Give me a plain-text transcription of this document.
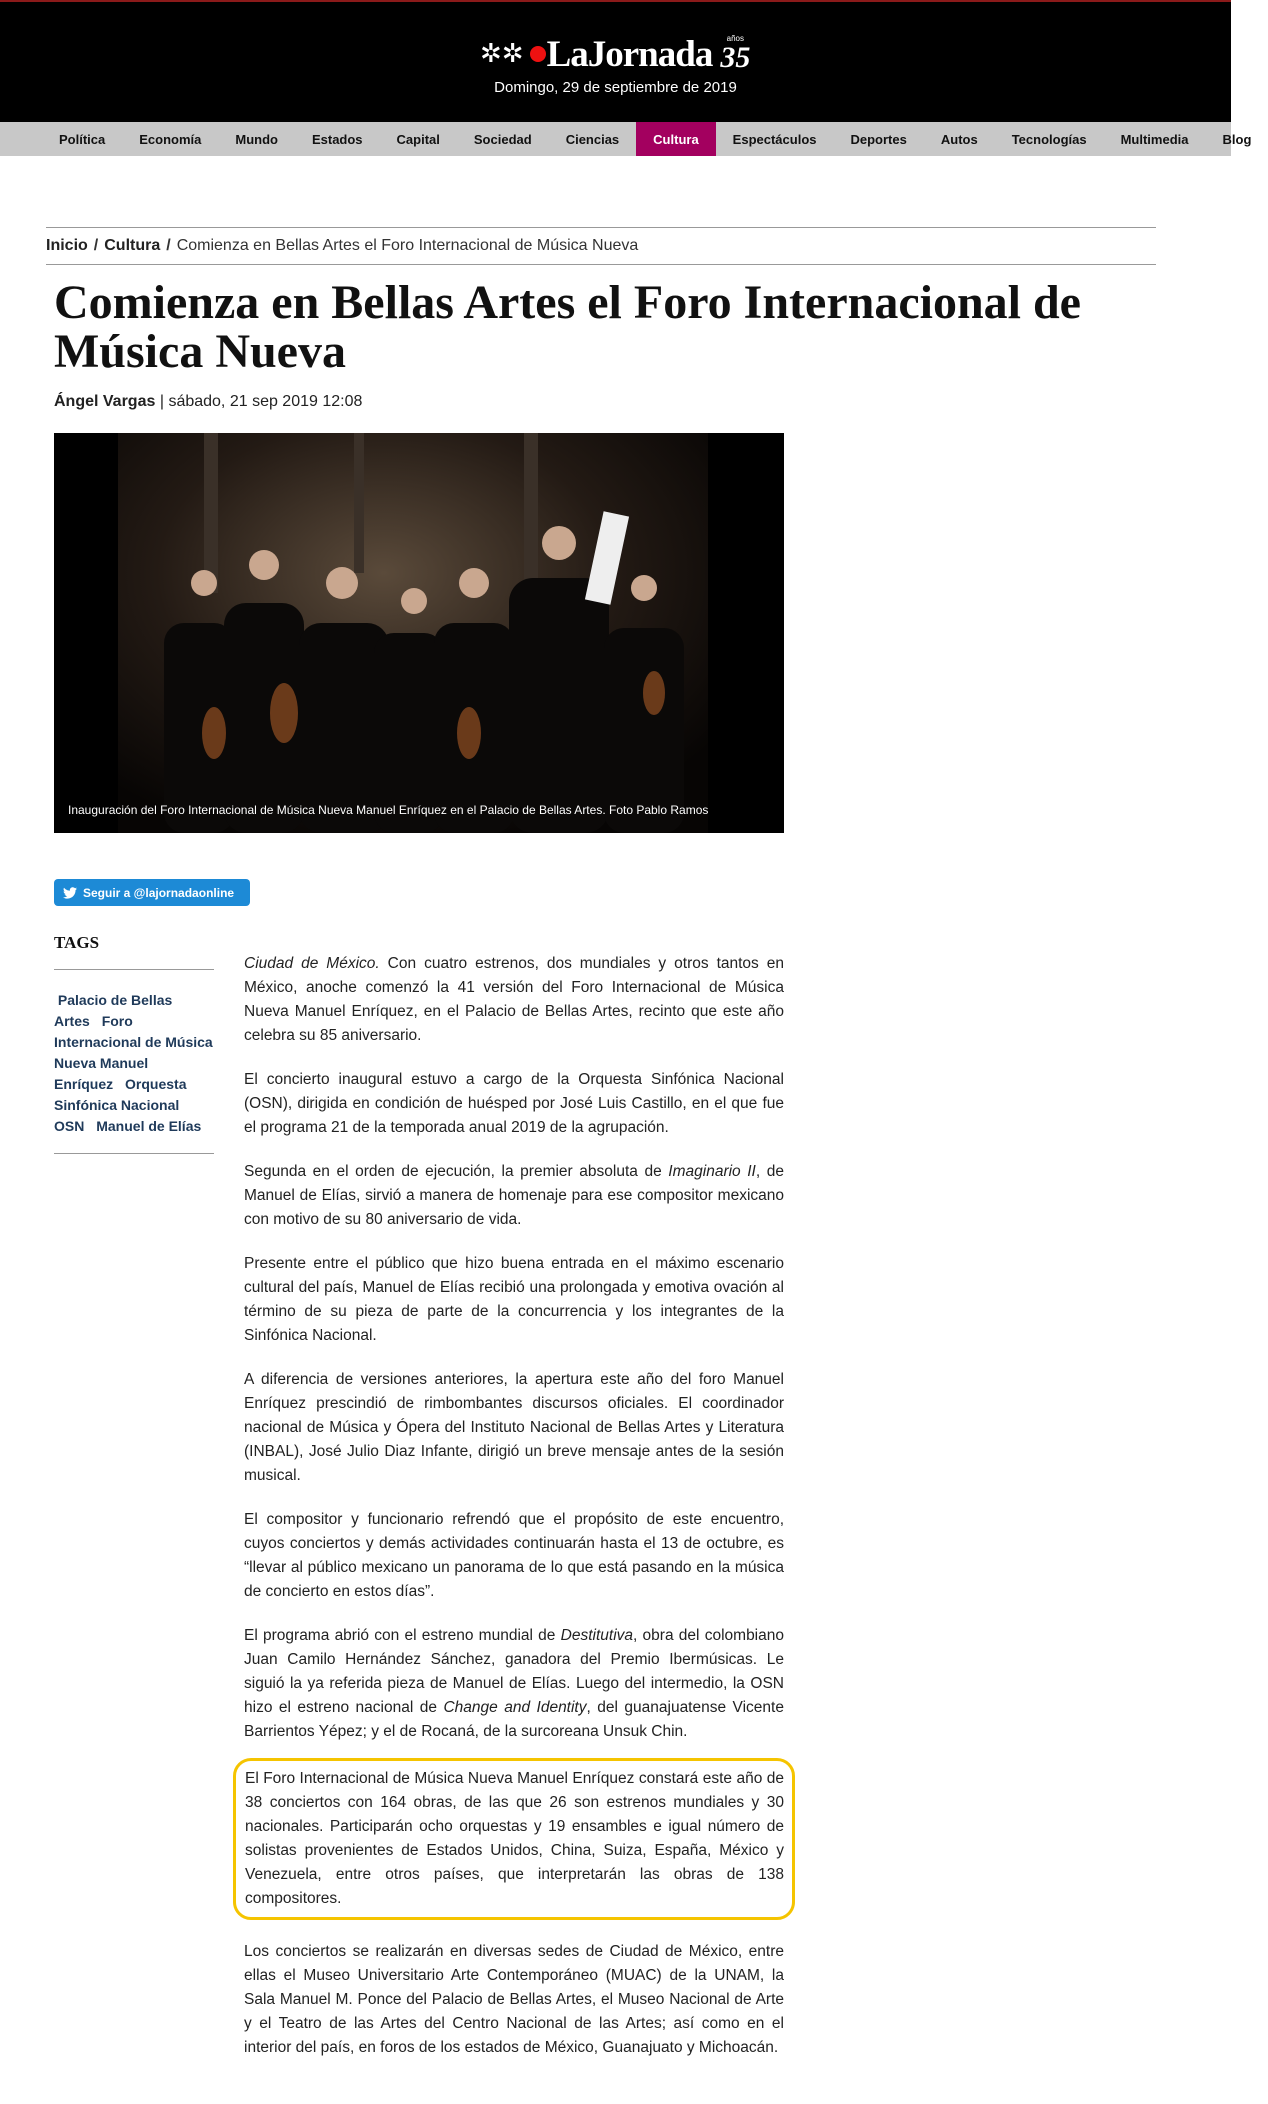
✲✲ LaJornada años
35
Domingo, 29 de septiembre de 2019
Política	Economía	Mundo	Estados	Capital	Sociedad	Ciencias	Cultura	Espectáculos	Deportes	Autos	Tecnologías	Multimedia	Blog
Inicio / Cultura / Comienza en Bellas Artes el Foro Internacional de Música Nueva
Comienza en Bellas Artes el Foro Internacional de Música Nueva
Ángel Vargas | sábado, 21 sep 2019 12:08
Inauguración del Foro Internacional de Música Nueva Manuel Enríquez en el Palacio de Bellas Artes. Foto Pablo Ramos
Seguir a @lajornadaonline
TAGS
Palacio de Bellas Artes Foro Internacional de Música Nueva Manuel Enríquez Orquesta Sinfónica Nacional OSN Manuel de Elías

Ciudad de México. Con cuatro estrenos, dos mundiales y otros tantos en México, anoche comenzó la 41 versión del Foro Internacional de Música Nueva Manuel Enríquez, en el Palacio de Bellas Artes, recinto que este año celebra su 85 aniversario.

El concierto inaugural estuvo a cargo de la Orquesta Sinfónica Nacional (OSN), dirigida en condición de huésped por José Luis Castillo, en el que fue el programa 21 de la temporada anual 2019 de la agrupación.

Segunda en el orden de ejecución, la premier absoluta de Imaginario II, de Manuel de Elías, sirvió a manera de homenaje para ese compositor mexicano con motivo de su 80 aniversario de vida.

Presente entre el público que hizo buena entrada en el máximo escenario cultural del país, Manuel de Elías recibió una prolongada y emotiva ovación al término de su pieza de parte de la concurrencia y los integrantes de la Sinfónica Nacional.

A diferencia de versiones anteriores, la apertura este año del foro Manuel Enríquez prescindió de rimbombantes discursos oficiales. El coordinador nacional de Música y Ópera del Instituto Nacional de Bellas Artes y Literatura (INBAL), José Julio Diaz Infante, dirigió un breve mensaje antes de la sesión musical.

El compositor y funcionario refrendó que el propósito de este encuentro, cuyos conciertos y demás actividades continuarán hasta el 13 de octubre, es “llevar al público mexicano un panorama de lo que está pasando en la música de concierto en estos días”.

El programa abrió con el estreno mundial de Destitutiva, obra del colombiano Juan Camilo Hernández Sánchez, ganadora del Premio Ibermúsicas. Le siguió la ya referida pieza de Manuel de Elías. Luego del intermedio, la OSN hizo el estreno nacional de Change and Identity, del guanajuatense Vicente Barrientos Yépez; y el de Rocaná, de la surcoreana Unsuk Chin.

El Foro Internacional de Música Nueva Manuel Enríquez constará este año de 38 conciertos con 164 obras, de las que 26 son estrenos mundiales y 30 nacionales. Participarán ocho orquestas y 19 ensambles e igual número de solistas provenientes de Estados Unidos, China, Suiza, España, México y Venezuela, entre otros países, que interpretarán las obras de 138 compositores.

Los conciertos se realizarán en diversas sedes de Ciudad de México, entre ellas el Museo Universitario Arte Contemporáneo (MUAC) de la UNAM, la Sala Manuel M. Ponce del Palacio de Bellas Artes, el Museo Nacional de Arte y el Teatro de las Artes del Centro Nacional de las Artes; así como en el interior del país, en foros de los estados de México, Guanajuato y Michoacán.
